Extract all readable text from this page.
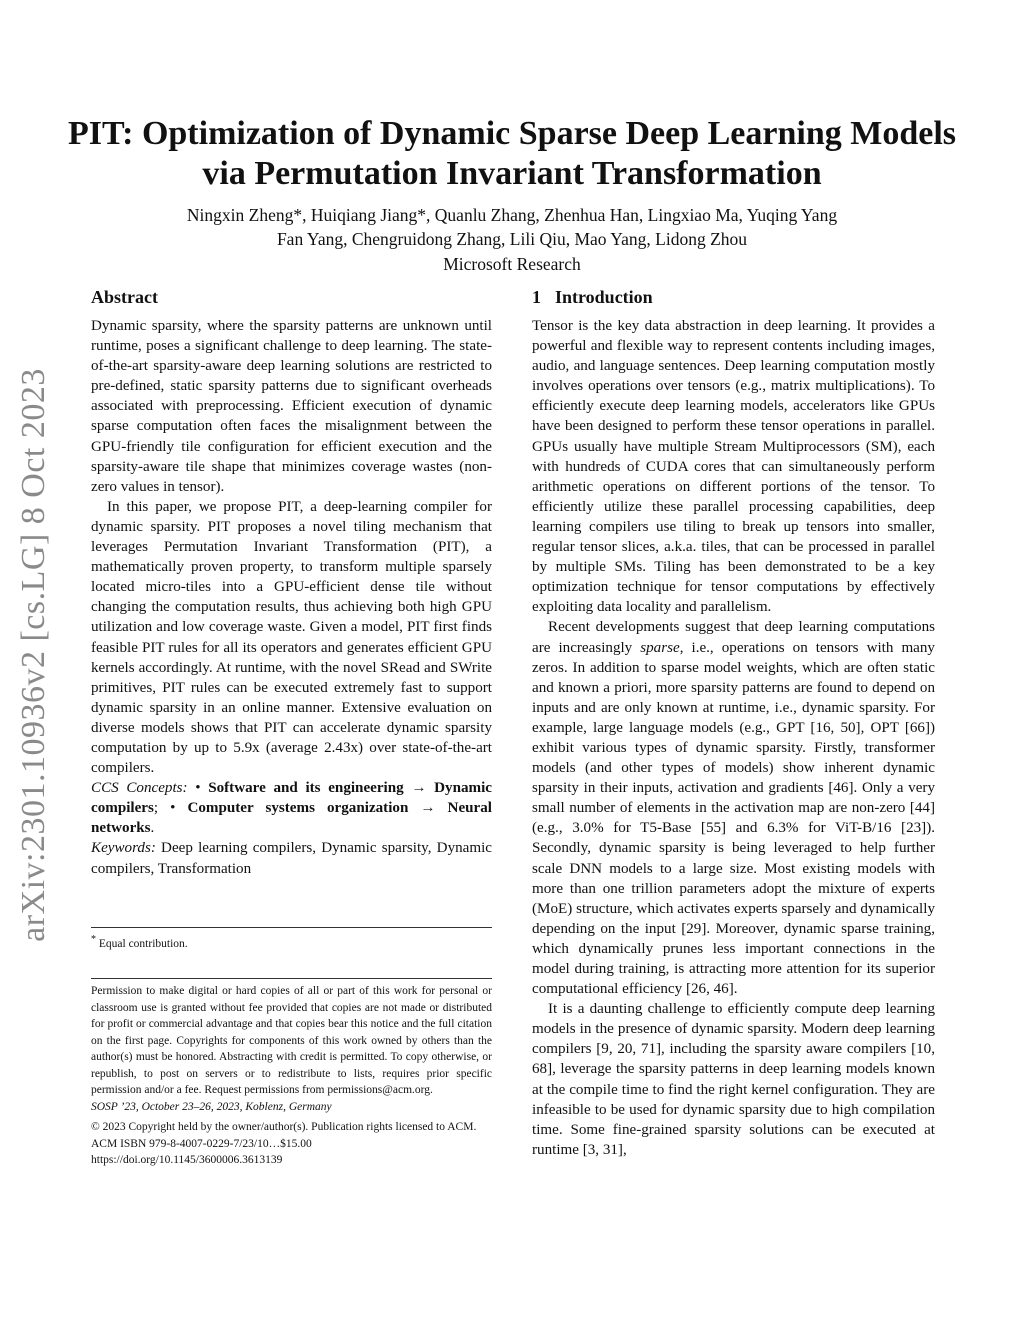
arXiv:2301.10936v2 [cs.LG] 8 Oct 2023
PIT: Optimization of Dynamic Sparse Deep Learning Models via Permutation Invariant Transformation
Ningxin Zheng*, Huiqiang Jiang*, Quanlu Zhang, Zhenhua Han, Lingxiao Ma, Yuqing Yang
Fan Yang, Chengruidong Zhang, Lili Qiu, Mao Yang, Lidong Zhou
Microsoft Research
Abstract

Dynamic sparsity, where the sparsity patterns are unknown until runtime, poses a significant challenge to deep learning. The state-of-the-art sparsity-aware deep learning solutions are restricted to pre-defined, static sparsity patterns due to significant overheads associated with preprocessing. Efficient execution of dynamic sparse computation often faces the misalignment between the GPU-friendly tile configuration for efficient execution and the sparsity-aware tile shape that minimizes coverage wastes (non-zero values in tensor).

In this paper, we propose PIT, a deep-learning compiler for dynamic sparsity. PIT proposes a novel tiling mechanism that leverages Permutation Invariant Transformation (PIT), a mathematically proven property, to transform multiple sparsely located micro-tiles into a GPU-efficient dense tile without changing the computation results, thus achieving both high GPU utilization and low coverage waste. Given a model, PIT first finds feasible PIT rules for all its operators and generates efficient GPU kernels accordingly. At runtime, with the novel SRead and SWrite primitives, PIT rules can be executed extremely fast to support dynamic sparsity in an online manner. Extensive evaluation on diverse models shows that PIT can accelerate dynamic sparsity computation by up to 5.9x (average 2.43x) over state-of-the-art compilers.

CCS Concepts: • Software and its engineering → Dynamic compilers; • Computer systems organization → Neural networks.

Keywords: Deep learning compilers, Dynamic sparsity, Dynamic compilers, Transformation

* Equal contribution.
Permission to make digital or hard copies of all or part of this work for personal or classroom use is granted without fee provided that copies are not made or distributed for profit or commercial advantage and that copies bear this notice and the full citation on the first page. Copyrights for components of this work owned by others than the author(s) must be honored. Abstracting with credit is permitted. To copy otherwise, or republish, to post on servers or to redistribute to lists, requires prior specific permission and/or a fee. Request permissions from permissions@acm.org.
SOSP ’23, October 23–26, 2023, Koblenz, Germany
© 2023 Copyright held by the owner/author(s). Publication rights licensed to ACM.
ACM ISBN 979-8-4007-0229-7/23/10…$15.00
https://doi.org/10.1145/3600006.3613139
1 Introduction

Tensor is the key data abstraction in deep learning. It provides a powerful and flexible way to represent contents including images, audio, and language sentences. Deep learning computation mostly involves operations over tensors (e.g., matrix multiplications). To efficiently execute deep learning models, accelerators like GPUs have been designed to perform these tensor operations in parallel. GPUs usually have multiple Stream Multiprocessors (SM), each with hundreds of CUDA cores that can simultaneously perform arithmetic operations on different portions of the tensor. To efficiently utilize these parallel processing capabilities, deep learning compilers use tiling to break up tensors into smaller, regular tensor slices, a.k.a. tiles, that can be processed in parallel by multiple SMs. Tiling has been demonstrated to be a key optimization technique for tensor computations by effectively exploiting data locality and parallelism.

Recent developments suggest that deep learning computations are increasingly sparse, i.e., operations on tensors with many zeros. In addition to sparse model weights, which are often static and known a priori, more sparsity patterns are found to depend on inputs and are only known at runtime, i.e., dynamic sparsity. For example, large language models (e.g., GPT [16, 50], OPT [66]) exhibit various types of dynamic sparsity. Firstly, transformer models (and other types of models) show inherent dynamic sparsity in their inputs, activation and gradients [46]. Only a very small number of elements in the activation map are non-zero [44] (e.g., 3.0% for T5-Base [55] and 6.3% for ViT-B/16 [23]). Secondly, dynamic sparsity is being leveraged to help further scale DNN models to a large size. Most existing models with more than one trillion parameters adopt the mixture of experts (MoE) structure, which activates experts sparsely and dynamically depending on the input [29]. Moreover, dynamic sparse training, which dynamically prunes less important connections in the model during training, is attracting more attention for its superior computational efficiency [26, 46].

It is a daunting challenge to efficiently compute deep learning models in the presence of dynamic sparsity. Modern deep learning compilers [9, 20, 71], including the sparsity aware compilers [10, 68], leverage the sparsity patterns in deep learning models known at the compile time to find the right kernel configuration. They are infeasible to be used for dynamic sparsity due to high compilation time. Some fine-grained sparsity solutions can be executed at runtime [3, 31],
